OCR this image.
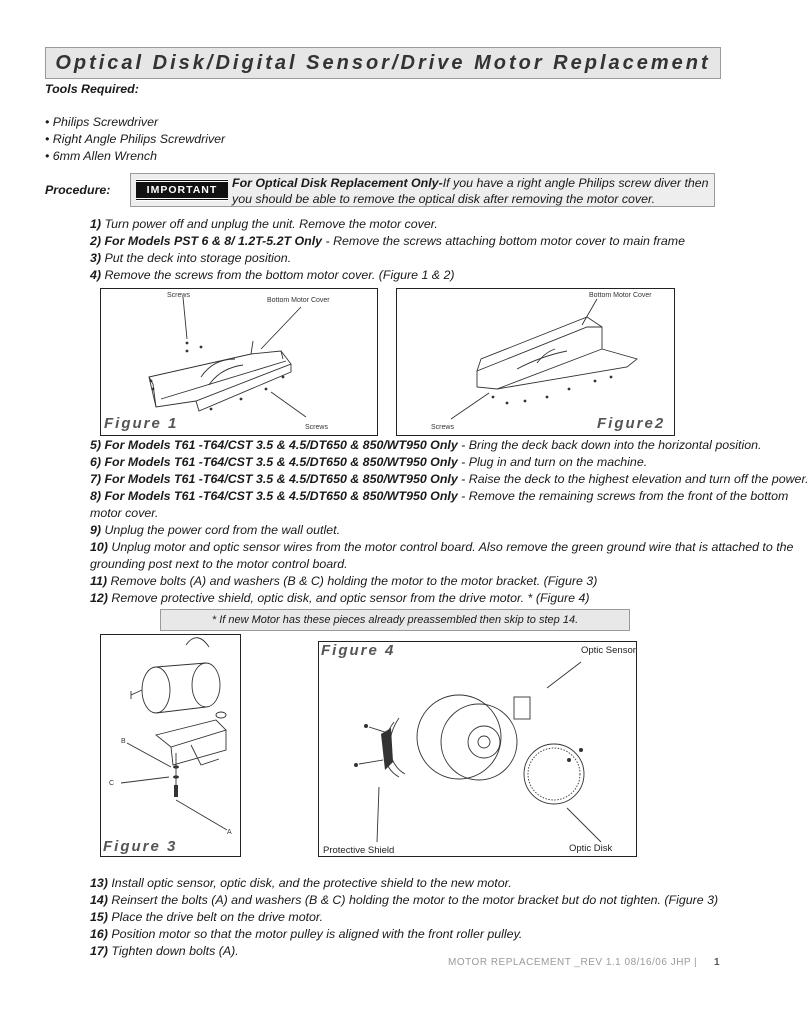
Optical Disk/Digital Sensor/Drive Motor Replacement
Tools Required:
• Philips Screwdriver
• Right Angle Philips Screwdriver
• 6mm Allen Wrench
Procedure:	IMPORTANT	For Optical Disk Replacement Only-If you have a right angle Philips screw diver then you should be able to remove the optical disk after removing the motor cover.
1) Turn power off and unplug the unit. Remove the motor cover.
2) For Models PST 6 & 8/ 1.2T-5.2T Only - Remove the screws attaching bottom motor cover to main frame
3) Put the deck into storage position.
4) Remove the screws from the bottom motor cover. (Figure 1 & 2)
Screws
Bottom Motor Cover
Screws
Figure 1
Bottom Motor Cover
Screws	Figure2
5) For Models T61 -T64/CST 3.5 & 4.5/DT650 & 850/WT950 Only - Bring the deck back down into the horizontal position.
6) For Models T61 -T64/CST 3.5 & 4.5/DT650 & 850/WT950 Only - Plug in and turn on the machine.
7) For Models T61 -T64/CST 3.5 & 4.5/DT650 & 850/WT950 Only - Raise the deck to the highest elevation and turn off the power.
8) For Models T61 -T64/CST 3.5 & 4.5/DT650 & 850/WT950 Only - Remove the remaining screws from the front of the bottom
motor cover.
9) Unplug the power cord from the wall outlet.
10) Unplug motor and optic sensor wires from the motor control board. Also remove the green ground wire that is attached to the
grounding post next to the motor control board.
11) Remove bolts (A) and washers (B & C) holding the motor to the motor bracket. (Figure 3)
12) Remove protective shield, optic disk, and optic sensor from the drive motor. * (Figure 4)
* If new Motor has these pieces already preassembled then skip to step 14.
B
C
A
Figure 3
Optic Sensor
Protective Shield	Optic Disk
Figure 4
13) Install optic sensor, optic disk, and the protective shield to the new motor.
14) Reinsert the bolts (A) and washers (B & C) holding the motor to the motor bracket but do not tighten. (Figure 3)
15) Place the drive belt on the drive motor.
16) Position motor so that the motor pulley is aligned with the front roller pulley.
17) Tighten down bolts (A).
MOTOR REPLACEMENT _REV 1.1 08/16/06 JHP | 1
